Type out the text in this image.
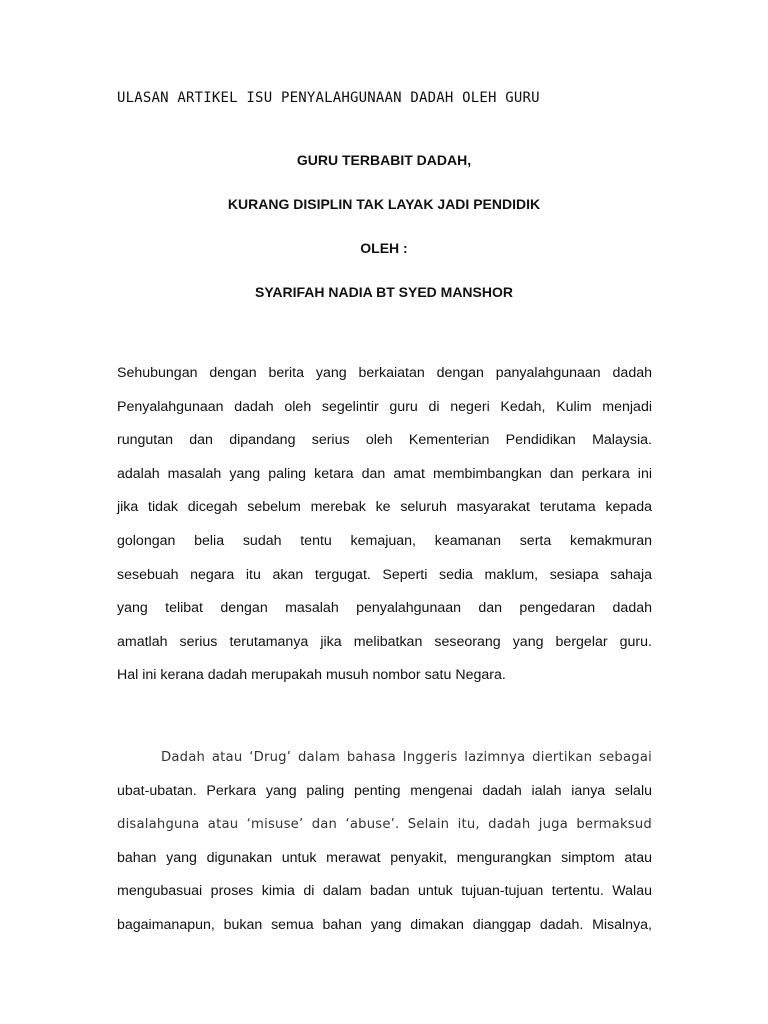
ULASAN ARTIKEL ISU PENYALAHGUNAAN DADAH OLEH GURU
GURU TERBABIT DADAH,
KURANG DISIPLIN TAK LAYAK JADI PENDIDIK
OLEH :
SYARIFAH NADIA BT SYED MANSHOR
Sehubungan dengan berita yang berkaiatan dengan panyalahgunaan dadah
Penyalahgunaan dadah oleh segelintir guru di negeri Kedah, Kulim menjadi
rungutan dan dipandang serius oleh Kementerian Pendidikan Malaysia.
adalah masalah yang paling ketara dan amat membimbangkan dan perkara ini
jika tidak dicegah sebelum merebak ke seluruh masyarakat terutama kepada
golongan belia sudah tentu kemajuan, keamanan serta kemakmuran
sesebuah negara itu akan tergugat. Seperti sedia maklum, sesiapa sahaja
yang telibat dengan masalah penyalahgunaan dan pengedaran dadah
amatlah serius terutamanya jika melibatkan seseorang yang bergelar guru.
Hal ini kerana dadah merupakah musuh nombor satu Negara.
Dadah atau ‘Drug’ dalam bahasa Inggeris lazimnya diertikan sebagai
ubat-ubatan. Perkara yang paling penting mengenai dadah ialah ianya selalu
disalahguna atau ‘misuse’ dan ‘abuse’. Selain itu, dadah juga bermaksud
bahan yang digunakan untuk merawat penyakit, mengurangkan simptom atau
mengubasuai proses kimia di dalam badan untuk tujuan-tujuan tertentu. Walau
bagaimanapun, bukan semua bahan yang dimakan dianggap dadah. Misalnya,
